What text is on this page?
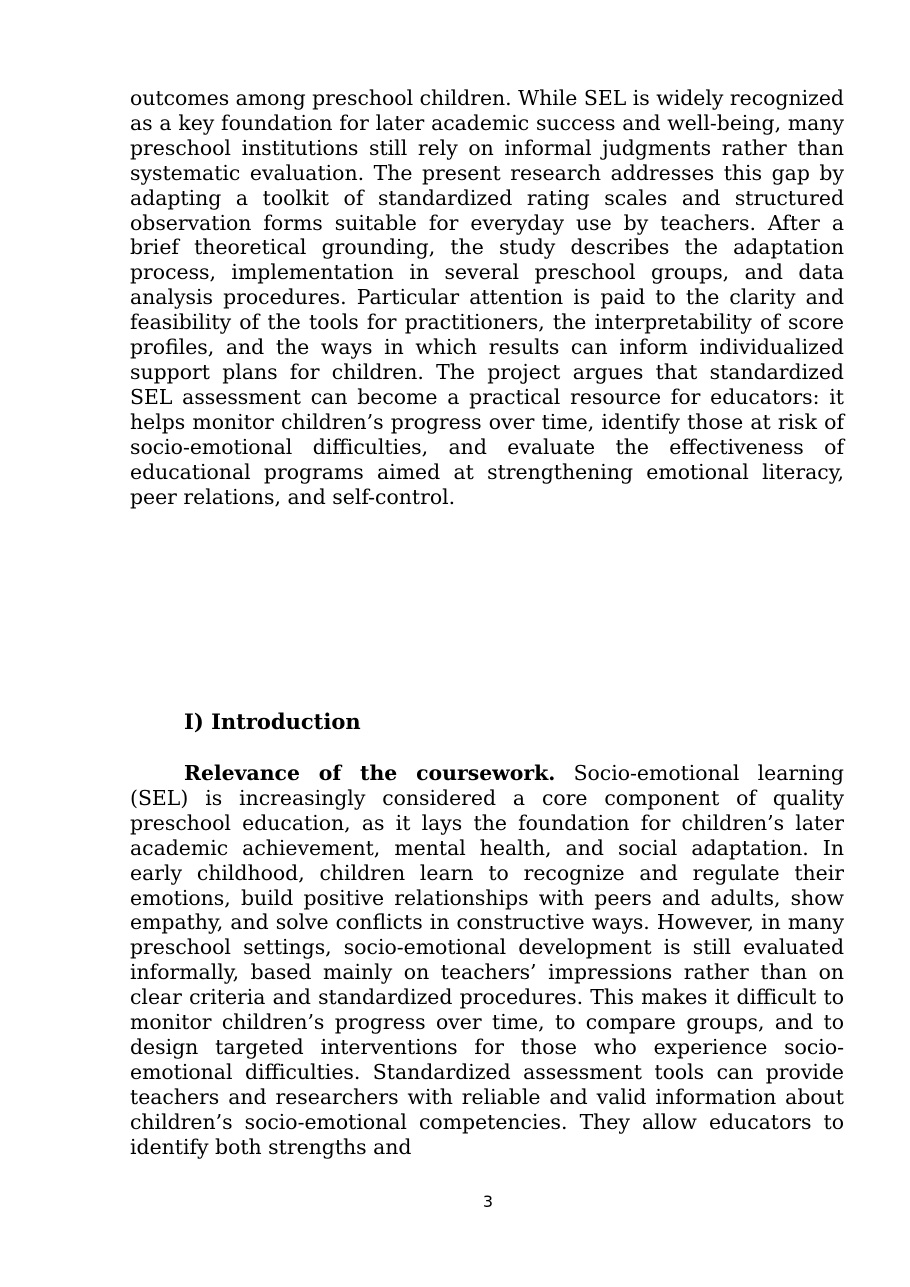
outcomes among preschool children. While SEL is widely recognized as a key foundation for later academic success and well-being, many preschool institutions still rely on informal judgments rather than systematic evaluation. The present research addresses this gap by adapting a toolkit of standardized rating scales and structured observation forms suitable for everyday use by teachers. After a brief theoretical grounding, the study describes the adaptation process, implementation in several preschool groups, and data analysis procedures. Particular attention is paid to the clarity and feasibility of the tools for practitioners, the interpretability of score profiles, and the ways in which results can inform individualized support plans for children. The project argues that standardized SEL assessment can become a practical resource for educators: it helps monitor children’s progress over time, identify those at risk of socio-emotional difficulties, and evaluate the effectiveness of educational programs aimed at strengthening emotional literacy, peer relations, and self-control.

I) Introduction

Relevance of the coursework. Socio-emotional learning (SEL) is increasingly considered a core component of quality preschool education, as it lays the foundation for children’s later academic achievement, mental health, and social adaptation. In early childhood, children learn to recognize and regulate their emotions, build positive relationships with peers and adults, show empathy, and solve conflicts in constructive ways. However, in many preschool settings, socio-emotional development is still evaluated informally, based mainly on teachers’ impressions rather than on clear criteria and standardized procedures. This makes it difficult to monitor children’s progress over time, to compare groups, and to design targeted interventions for those who experience socio-emotional difficulties. Standardized assessment tools can provide teachers and researchers with reliable and valid information about children’s socio-emotional competencies. They allow educators to identify both strengths and

3
